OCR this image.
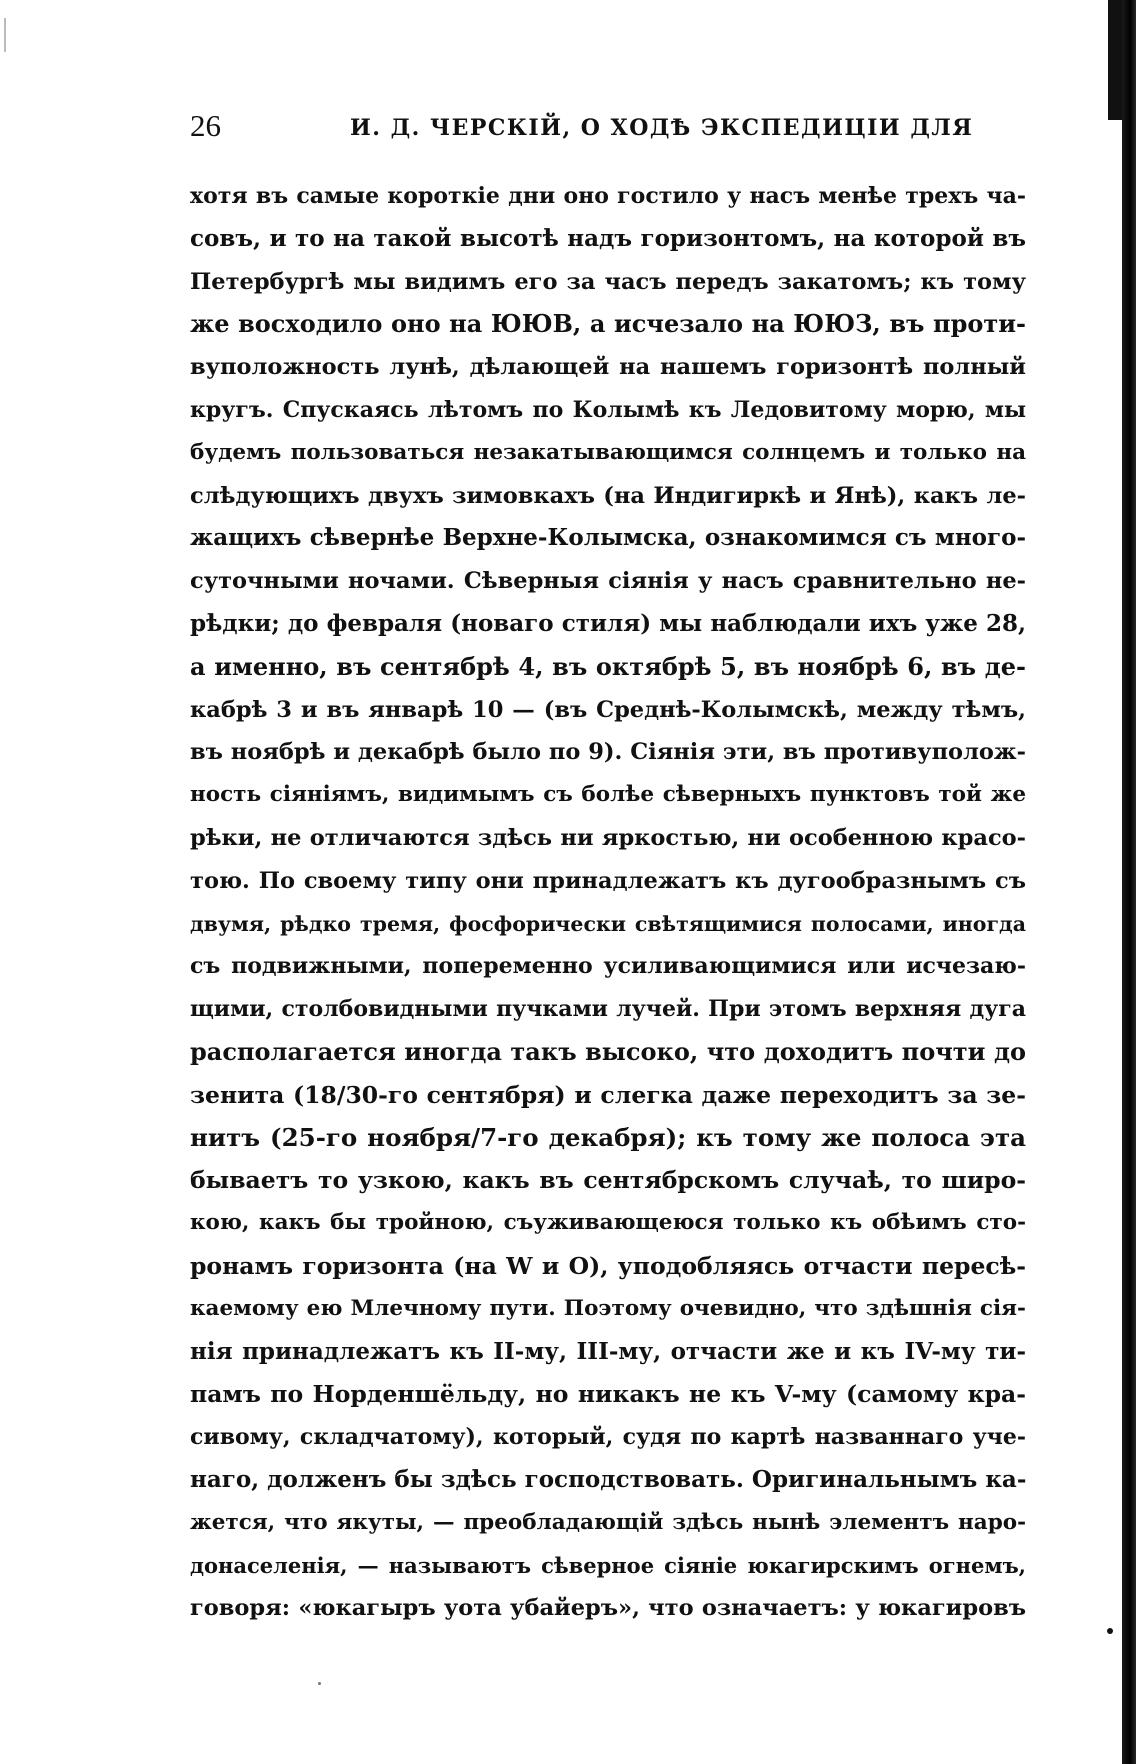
26	И. Д. ЧЕРСКІЙ, О ХОДѢ ЭКСПЕДИЦІИ ДЛЯ
хотя въ самые короткіе дни оно гостило у насъ менѣе трехъ ча-
совъ, и то на такой высотѣ надъ горизонтомъ, на которой въ
Петербургѣ мы видимъ его за часъ передъ закатомъ; къ тому
же восходило оно на ЮЮВ, а исчезало на ЮЮЗ, въ проти-
вуположность лунѣ, дѣлающей на нашемъ горизонтѣ полный
кругъ. Спускаясь лѣтомъ по Колымѣ къ Ледовитому морю, мы
будемъ пользоваться незакатывающимся солнцемъ и только на
слѣдующихъ двухъ зимовкахъ (на Индигиркѣ и Янѣ), какъ ле-
жащихъ сѣвернѣе Верхне-Колымска, ознакомимся съ много-
суточными ночами. Сѣверныя сіянія у насъ сравнительно не-
рѣдки; до февраля (новаго стиля) мы наблюдали ихъ уже 28,
а именно, въ сентябрѣ 4, въ октябрѣ 5, въ ноябрѣ 6, въ де-
кабрѣ 3 и въ январѣ 10 — (въ Среднѣ-Колымскѣ, между тѣмъ,
въ ноябрѣ и декабрѣ было по 9). Сіянія эти, въ противуполож-
ность сіяніямъ, видимымъ съ болѣе сѣверныхъ пунктовъ той же
рѣки, не отличаются здѣсь ни яркостью, ни особенною красо-
тою. По своему типу они принадлежатъ къ дугообразнымъ съ
двумя, рѣдко тремя, фосфорически свѣтящимися полосами, иногда
съ подвижными, попеременно усиливающимися или исчезаю-
щими, столбовидными пучками лучей. При этомъ верхняя дуга
располагается иногда такъ высоко, что доходитъ почти до
зенита (18/30-го сентября) и слегка даже переходитъ за зе-
нитъ (25-го ноября/7-го декабря); къ тому же полоса эта
бываетъ то узкою, какъ въ сентябрскомъ случаѣ, то широ-
кою, какъ бы тройною, съуживающеюся только къ обѣимъ сто-
ронамъ горизонта (на W и O), уподобляясь отчасти пересѣ-
каемому ею Млечному пути. Поэтому очевидно, что здѣшнія сія-
нія принадлежатъ къ II-му, III-му, отчасти же и къ IV-му ти-
памъ по Норденшёльду, но никакъ не къ V-му (самому кра-
сивому, складчатому), который, судя по картѣ названнаго уче-
наго, долженъ бы здѣсь господствовать. Оригинальнымъ ка-
жется, что якуты, — преобладающій здѣсь нынѣ элементъ наро-
донаселенія, — называютъ сѣверное сіяніе юкагирскимъ огнемъ,
говоря: «юкагыръ уота убайеръ», что означаетъ: у юкагировъ
